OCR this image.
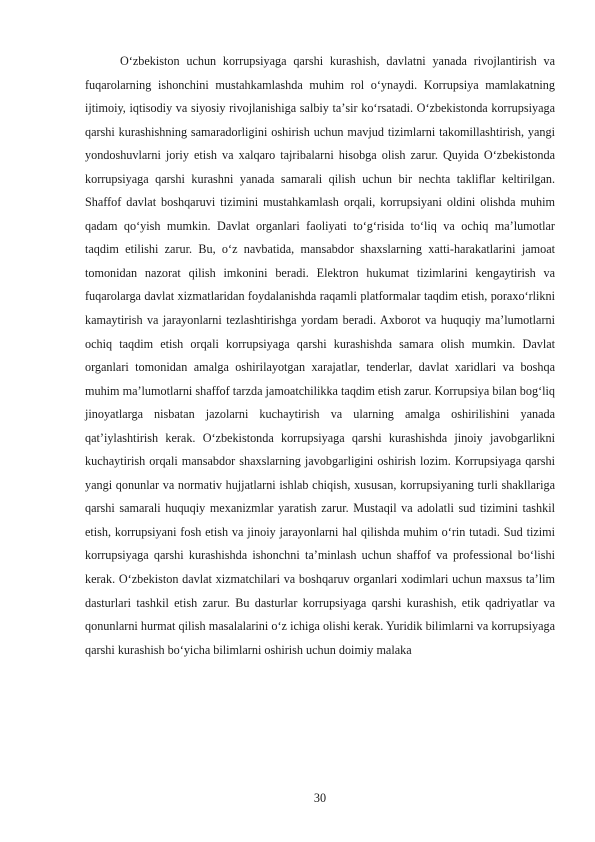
Oʻzbekiston uchun korrupsiyaga qarshi kurashish, davlatni yanada rivojlantirish va fuqarolarning ishonchini mustahkamlashda muhim rol oʻynaydi. Korrupsiya mamlakatning ijtimoiy, iqtisodiy va siyosiy rivojlanishiga salbiy taʼsir koʻrsatadi. Oʻzbekistonda korrupsiyaga qarshi kurashishning samaradorligini oshirish uchun mavjud tizimlarni takomillashtirish, yangi yondoshuvlarni joriy etish va xalqaro tajribalarni hisobga olish zarur. Quyida Oʻzbekistonda korrupsiyaga qarshi kurashni yanada samarali qilish uchun bir nechta takliflar keltirilgan. Shaffof davlat boshqaruvi tizimini mustahkamlash orqali, korrupsiyani oldini olishda muhim qadam qoʻyish mumkin. Davlat organlari faoliyati toʻgʻrisida toʻliq va ochiq maʼlumotlar taqdim etilishi zarur. Bu, oʻz navbatida, mansabdor shaxslarning xatti-harakatlarini jamoat tomonidan nazorat qilish imkonini beradi. Elektron hukumat tizimlarini kengaytirish va fuqarolarga davlat xizmatlaridan foydalanishda raqamli platformalar taqdim etish, poraxoʻrlikni kamaytirish va jarayonlarni tezlashtirishga yordam beradi. Axborot va huquqiy maʼlumotlarni ochiq taqdim etish orqali korrupsiyaga qarshi kurashishda samara olish mumkin. Davlat organlari tomonidan amalga oshirilayotgan xarajatlar, tenderlar, davlat xaridlari va boshqa muhim maʼlumotlarni shaffof tarzda jamoatchilikka taqdim etish zarur. Korrupsiya bilan bogʻliq jinoyatlarga nisbatan jazolarni kuchaytirish va ularning amalga oshirilishini yanada qatʼiylashtirish kerak. Oʻzbekistonda korrupsiyaga qarshi kurashishda jinoiy javobgarlikni kuchaytirish orqali mansabdor shaxslarning javobgarligini oshirish lozim. Korrupsiyaga qarshi yangi qonunlar va normativ hujjatlarni ishlab chiqish, xususan, korrupsiyaning turli shakllariga qarshi samarali huquqiy mexanizmlar yaratish zarur. Mustaqil va adolatli sud tizimini tashkil etish, korrupsiyani fosh etish va jinoiy jarayonlarni hal qilishda muhim oʻrin tutadi. Sud tizimi korrupsiyaga qarshi kurashishda ishonchni taʼminlash uchun shaffof va professional boʻlishi kerak. Oʻzbekiston davlat xizmatchilari va boshqaruv organlari xodimlari uchun maxsus taʼlim dasturlari tashkil etish zarur. Bu dasturlar korrupsiyaga qarshi kurashish, etik qadriyatlar va qonunlarni hurmat qilish masalalarini oʻz ichiga olishi kerak. Yuridik bilimlarni va korrupsiyaga qarshi kurashish boʻyicha bilimlarni oshirish uchun doimiy malaka

30
